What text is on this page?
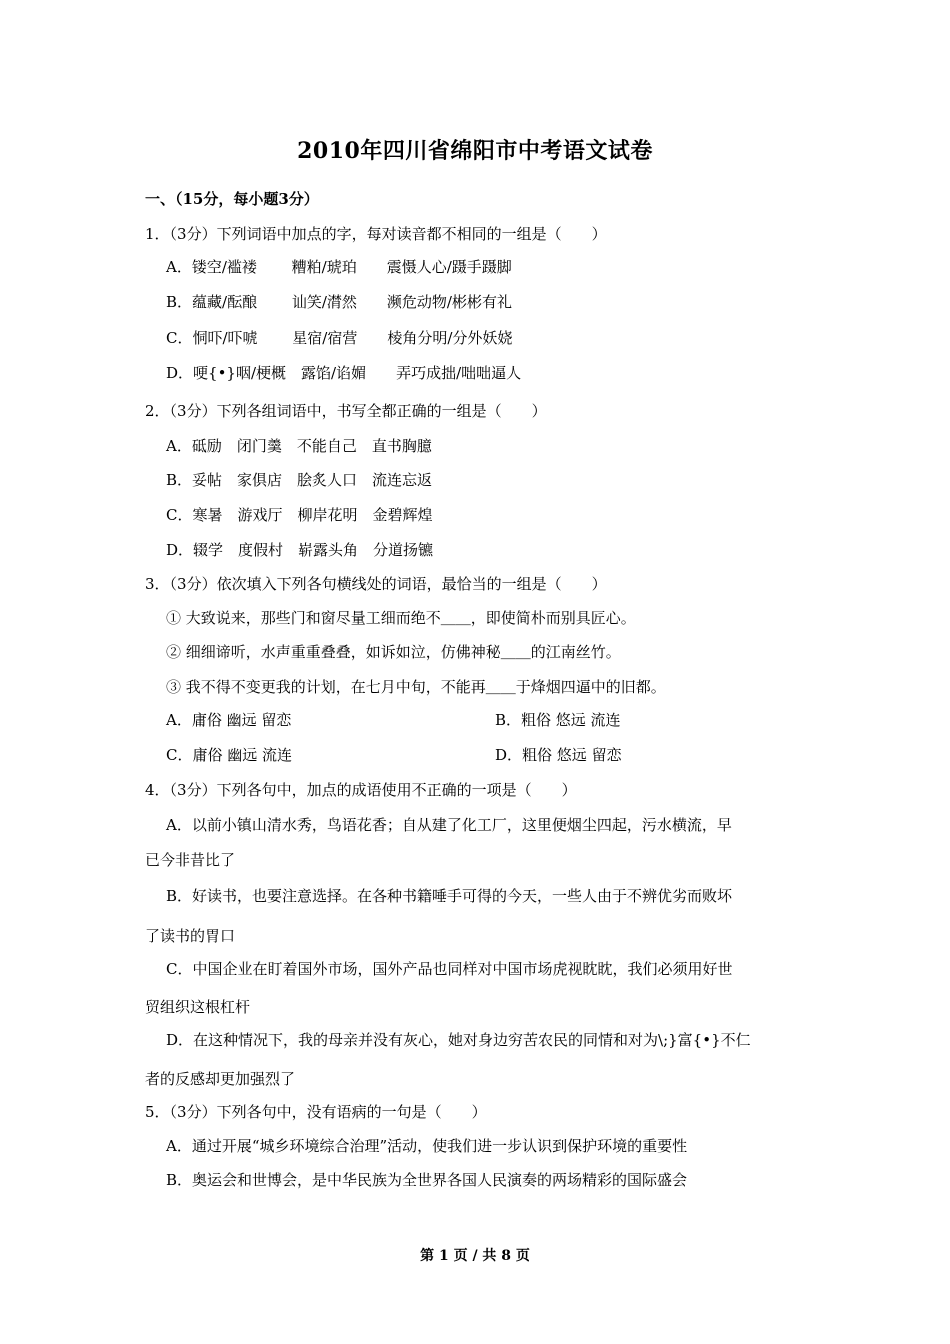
2010年四川省绵阳市中考语文试卷
一、（15分，每小题3分）
1．（3分）下列词语中加点的字，每对读音都不相同的一组是（　　）
A．镂空/褴褛　　 糟粕/琥珀　　震慑人心/蹑手蹑脚
B．蕴藏/酝酿　　 讪笑/潸然　　濒危动物/彬彬有礼
C．恫吓/吓唬　　 星宿/宿营　　棱角分明/分外妖娆
D．哽{•}咽/梗概　露馅/谄媚　　弄巧成拙/咄咄逼人
2．（3分）下列各组词语中，书写全都正确的一组是（　　）
A．砥励　闭门羹　不能自己　直书胸臆
B．妥帖　家俱店　脍炙人口　流连忘返
C．寒暑　游戏厅　柳岸花明　金碧辉煌
D．辍学　度假村　崭露头角　分道扬镳
3．（3分）依次填入下列各句横线处的词语，最恰当的一组是（　　）
① 大致说来，那些门和窗尽量工细而绝不＿＿，即使简朴而别具匠心。
② 细细谛听，水声重重叠叠，如诉如泣，仿佛神秘＿＿的江南丝竹。
③ 我不得不变更我的计划，在七月中旬，不能再＿＿于烽烟四逼中的旧都。
A．庸俗 幽远 留恋	B．粗俗 悠远 流连
C．庸俗 幽远 流连	D．粗俗 悠远 留恋
4．（3分）下列各句中，加点的成语使用不正确的一项是（　　）
A．以前小镇山清水秀，鸟语花香；自从建了化工厂，这里便烟尘四起，污水横流，早
已今非昔比了
B．好读书，也要注意选择。在各种书籍唾手可得的今天，一些人由于不辨优劣而败坏
了读书的胃口
C．中国企业在盯着国外市场，国外产品也同样对中国市场虎视眈眈，我们必须用好世
贸组织这根杠杆
D．在这种情况下，我的母亲并没有灰心，她对身边穷苦农民的同情和对为\;}富{•}不仁
者的反感却更加强烈了
5．（3分）下列各句中，没有语病的一句是（　　）
A．通过开展“城乡环境综合治理”活动，使我们进一步认识到保护环境的重要性
B．奥运会和世博会，是中华民族为全世界各国人民演奏的两场精彩的国际盛会
第 1 页 / 共 8 页
